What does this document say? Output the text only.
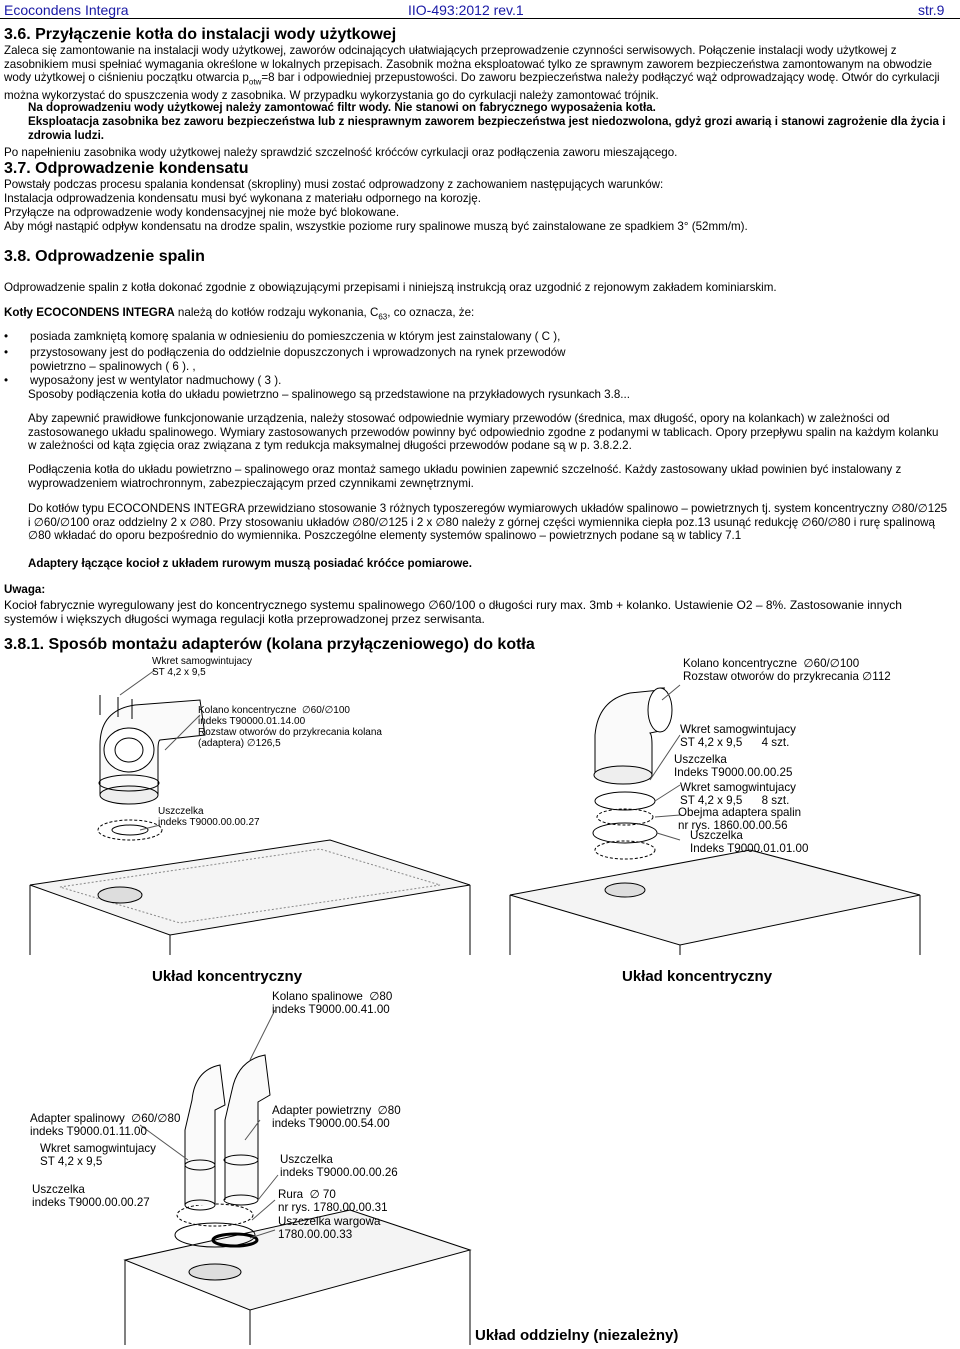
Ecocondens Integra	IIO-493:2012 rev.1	str.9
3.6. Przyłączenie kotła do instalacji wody użytkowej

Zaleca się zamontowanie na instalacji wody użytkowej, zaworów odcinających ułatwiających przeprowadzenie czynności serwisowych. Połączenie instalacji wody użytkowej z zasobnikiem musi spełniać wymagania określone w lokalnych przepisach. Zasobnik można eksploatować tylko ze sprawnym zaworem bezpieczeństwa zamontowanym na obwodzie wody użytkowej o ciśnieniu początku otwarcia $p_{otw}=8$ bar i odpowiedniej przepustowości. Do zaworu bezpieczeństwa należy podłączyć wąż odprowadzający wodę. Otwór do cyrkulacji można wykorzystać do spuszczenia wody z zasobnika. W przypadku wykorzystania go do cyrkulacji należy zamontować trójnik.

Na doprowadzeniu wody użytkowej należy zamontować filtr wody. Nie stanowi on fabrycznego wyposażenia kotła.

Eksploatacja zasobnika bez zaworu bezpieczeństwa lub z niesprawnym zaworem bezpieczeństwa jest niedozwolona, gdyż grozi awarią i stanowi zagrożenie dla życia i zdrowia ludzi.

Po napełnieniu zasobnika wody użytkowej należy sprawdzić szczelność króćców cyrkulacji oraz podłączenia zaworu mieszającego.

3.7. Odprowadzenie kondensatu

Powstały podczas procesu spalania kondensat (skropliny) musi zostać odprowadzony z zachowaniem następujących warunków:

Instalacja odprowadzenia kondensatu musi być wykonana z materiału odpornego na korozję.

Przyłącze na odprowadzenie wody kondensacyjnej nie może być blokowane.

Aby mógł nastąpić odpływ kondensatu na drodze spalin, wszystkie poziome rury spalinowe muszą być zainstalowane ze spadkiem 3° (52mm/m).

3.8. Odprowadzenie spalin

Odprowadzenie spalin z kotła dokonać zgodnie z obowiązującymi przepisami i niniejszą instrukcją oraz uzgodnić z rejonowym zakładem kominiarskim.

Kotły ECOCONDENS INTEGRA należą do kotłów rodzaju wykonania, $C_{63}$, co oznacza, że:

• posiada zamkniętą komorę spalania w odniesieniu do pomieszczenia w którym jest zainstalowany ( C ),
• przystosowany jest do podłączenia do oddzielnie dopuszczonych i wprowadzonych na rynek przewodów
powietrzno – spalinowych ( 6 ). ,
• wyposażony jest w wentylator nadmuchowy ( 3 ).

Sposoby podłączenia kotła do układu powietrzno – spalinowego są przedstawione na przykładowych rysunkach 3.8...

Aby zapewnić prawidłowe funkcjonowanie urządzenia, należy stosować odpowiednie wymiary przewodów (średnica, max długość, opory na kolankach) w zależności od zastosowanego układu spalinowego. Wymiary zastosowanych przewodów powinny być odpowiednio zgodne z podanymi w tablicach. Opory przepływu spalin na każdym kolanku w zależności od kąta zgięcia oraz związana z tym redukcja maksymalnej długości przewodów podane są w p. 3.8.2.2.

Podłączenia kotła do układu powietrzno – spalinowego oraz montaż samego układu powinien zapewnić szczelność. Każdy zastosowany układ powinien być instalowany z wyprowadzeniem wiatrochronnym, zabezpieczającym przed czynnikami zewnętrznymi.

Do kotłów typu ECOCONDENS INTEGRA przewidziano stosowanie 3 różnych typoszeregów wymiarowych układów spalinowo – powietrznych tj. system koncentryczny ∅80/∅125 i ∅60/∅100 oraz oddzielny 2 x ∅80. Przy stosowaniu układów ∅80/∅125 i 2 x ∅80 należy z górnej części wymiennika ciepła poz.13 usunąć redukcję ∅60/∅80 i rurę spalinową ∅80 wkładać do oporu bezpośrednio do wymiennika. Poszczególne elementy systemów spalinowo – powietrznych podane są w tablicy 7.1

Adaptery łączące kocioł z układem rurowym muszą posiadać króćce pomiarowe.

Uwaga:

Kocioł fabrycznie wyregulowany jest do koncentrycznego systemu spalinowego ∅60/100 o długości rury max. 3mb + kolanko. Ustawienie O2 – 8%. Zastosowanie innych systemów i większych długości wymaga regulacji kotła przeprowadzonej przez serwisanta.

3.8.1. Sposób montażu adapterów (kolana przyłączeniowego) do kotła
Wkret samogwintujacy
ST 4,2 x 9,5
Kolano koncentryczne  ∅60/∅100
indeks T90000.01.14.00
Rozstaw otworów do przykrecania kolana
(adaptera) ∅126,5
Uszczelka
indeks T9000.00.00.27
Układ koncentryczny
Kolano koncentryczne  ∅60/∅100
Rozstaw otworów do przykrecania ∅112
Wkret samogwintujacy
ST 4,2 x 9,5      4 szt.
Uszczelka
Indeks T9000.00.00.25
Wkret samogwintujacy
ST 4,2 x 9,5      8 szt.
Obejma adaptera spalin
nr rys. 1860.00.00.56
Uszczelka
Indeks T9000.01.01.00
Układ koncentryczny
Kolano spalinowe  ∅80
indeks T9000.00.41.00
Adapter spalinowy  ∅60/∅80
indeks T9000.01.11.00
Wkret samogwintujacy
ST 4,2 x 9,5
Uszczelka
indeks T9000.00.00.27
Adapter powietrzny  ∅80
indeks T9000.00.54.00
Uszczelka
indeks T9000.00.00.26
Rura  ∅ 70
nr rys. 1780.00.00.31
Uszczelka wargowa
1780.00.00.33
Układ oddzielny (niezależny)
